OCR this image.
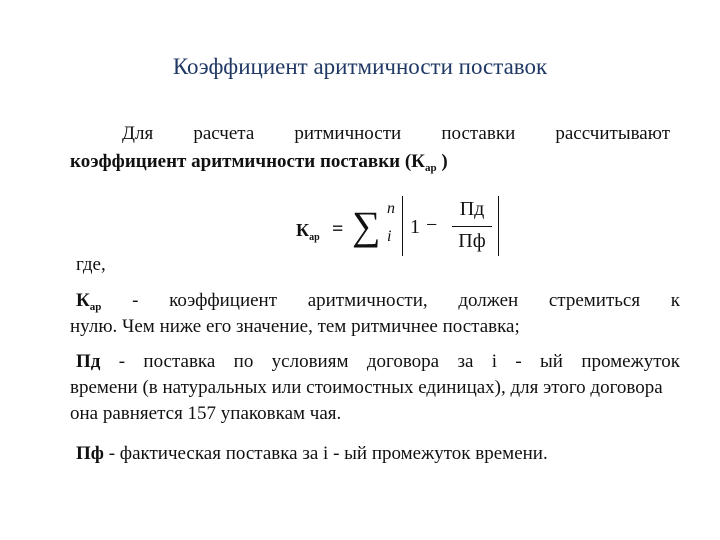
Коэффициент аритмичности поставок
Для расчета ритмичности поставки рассчитывают
коэффициент аритмичности поставки ($К_{ар}$ )
$К_{ар}$ = ∑ n
i 1 −
Пд
Пф
где,
$К_{ар}$ - коэффициент аритмичности, должен стремиться к
нулю. Чем ниже его значение, тем ритмичнее поставка;
Пд - поставка по условиям договора за i - ый промежуток
времени (в натуральных или стоимостных единицах), для этого договора она равняется 157 упаковкам чая.
Пф - фактическая поставка за i - ый промежуток времени.
